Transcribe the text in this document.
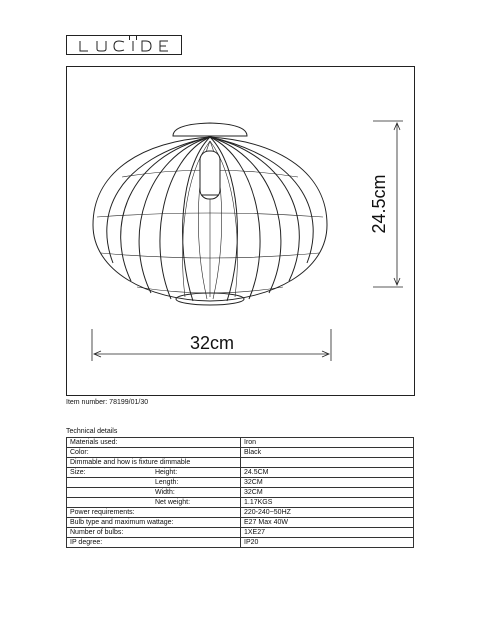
24.5cm
32cm
Item number: 78199/01/30
Technical details
Materials used:	Iron
Color:	Black
Dimmable and how is fixture dimmable	
Size: Height:	24.5CM

Length:	32CM

Width:	32CM

Net weight:	1.17KGS
Power requirements:	220-240~50HZ
Bulb type and maximum wattage:	E27 Max 40W
Number of bulbs:	1XE27
IP degree:	IP20
